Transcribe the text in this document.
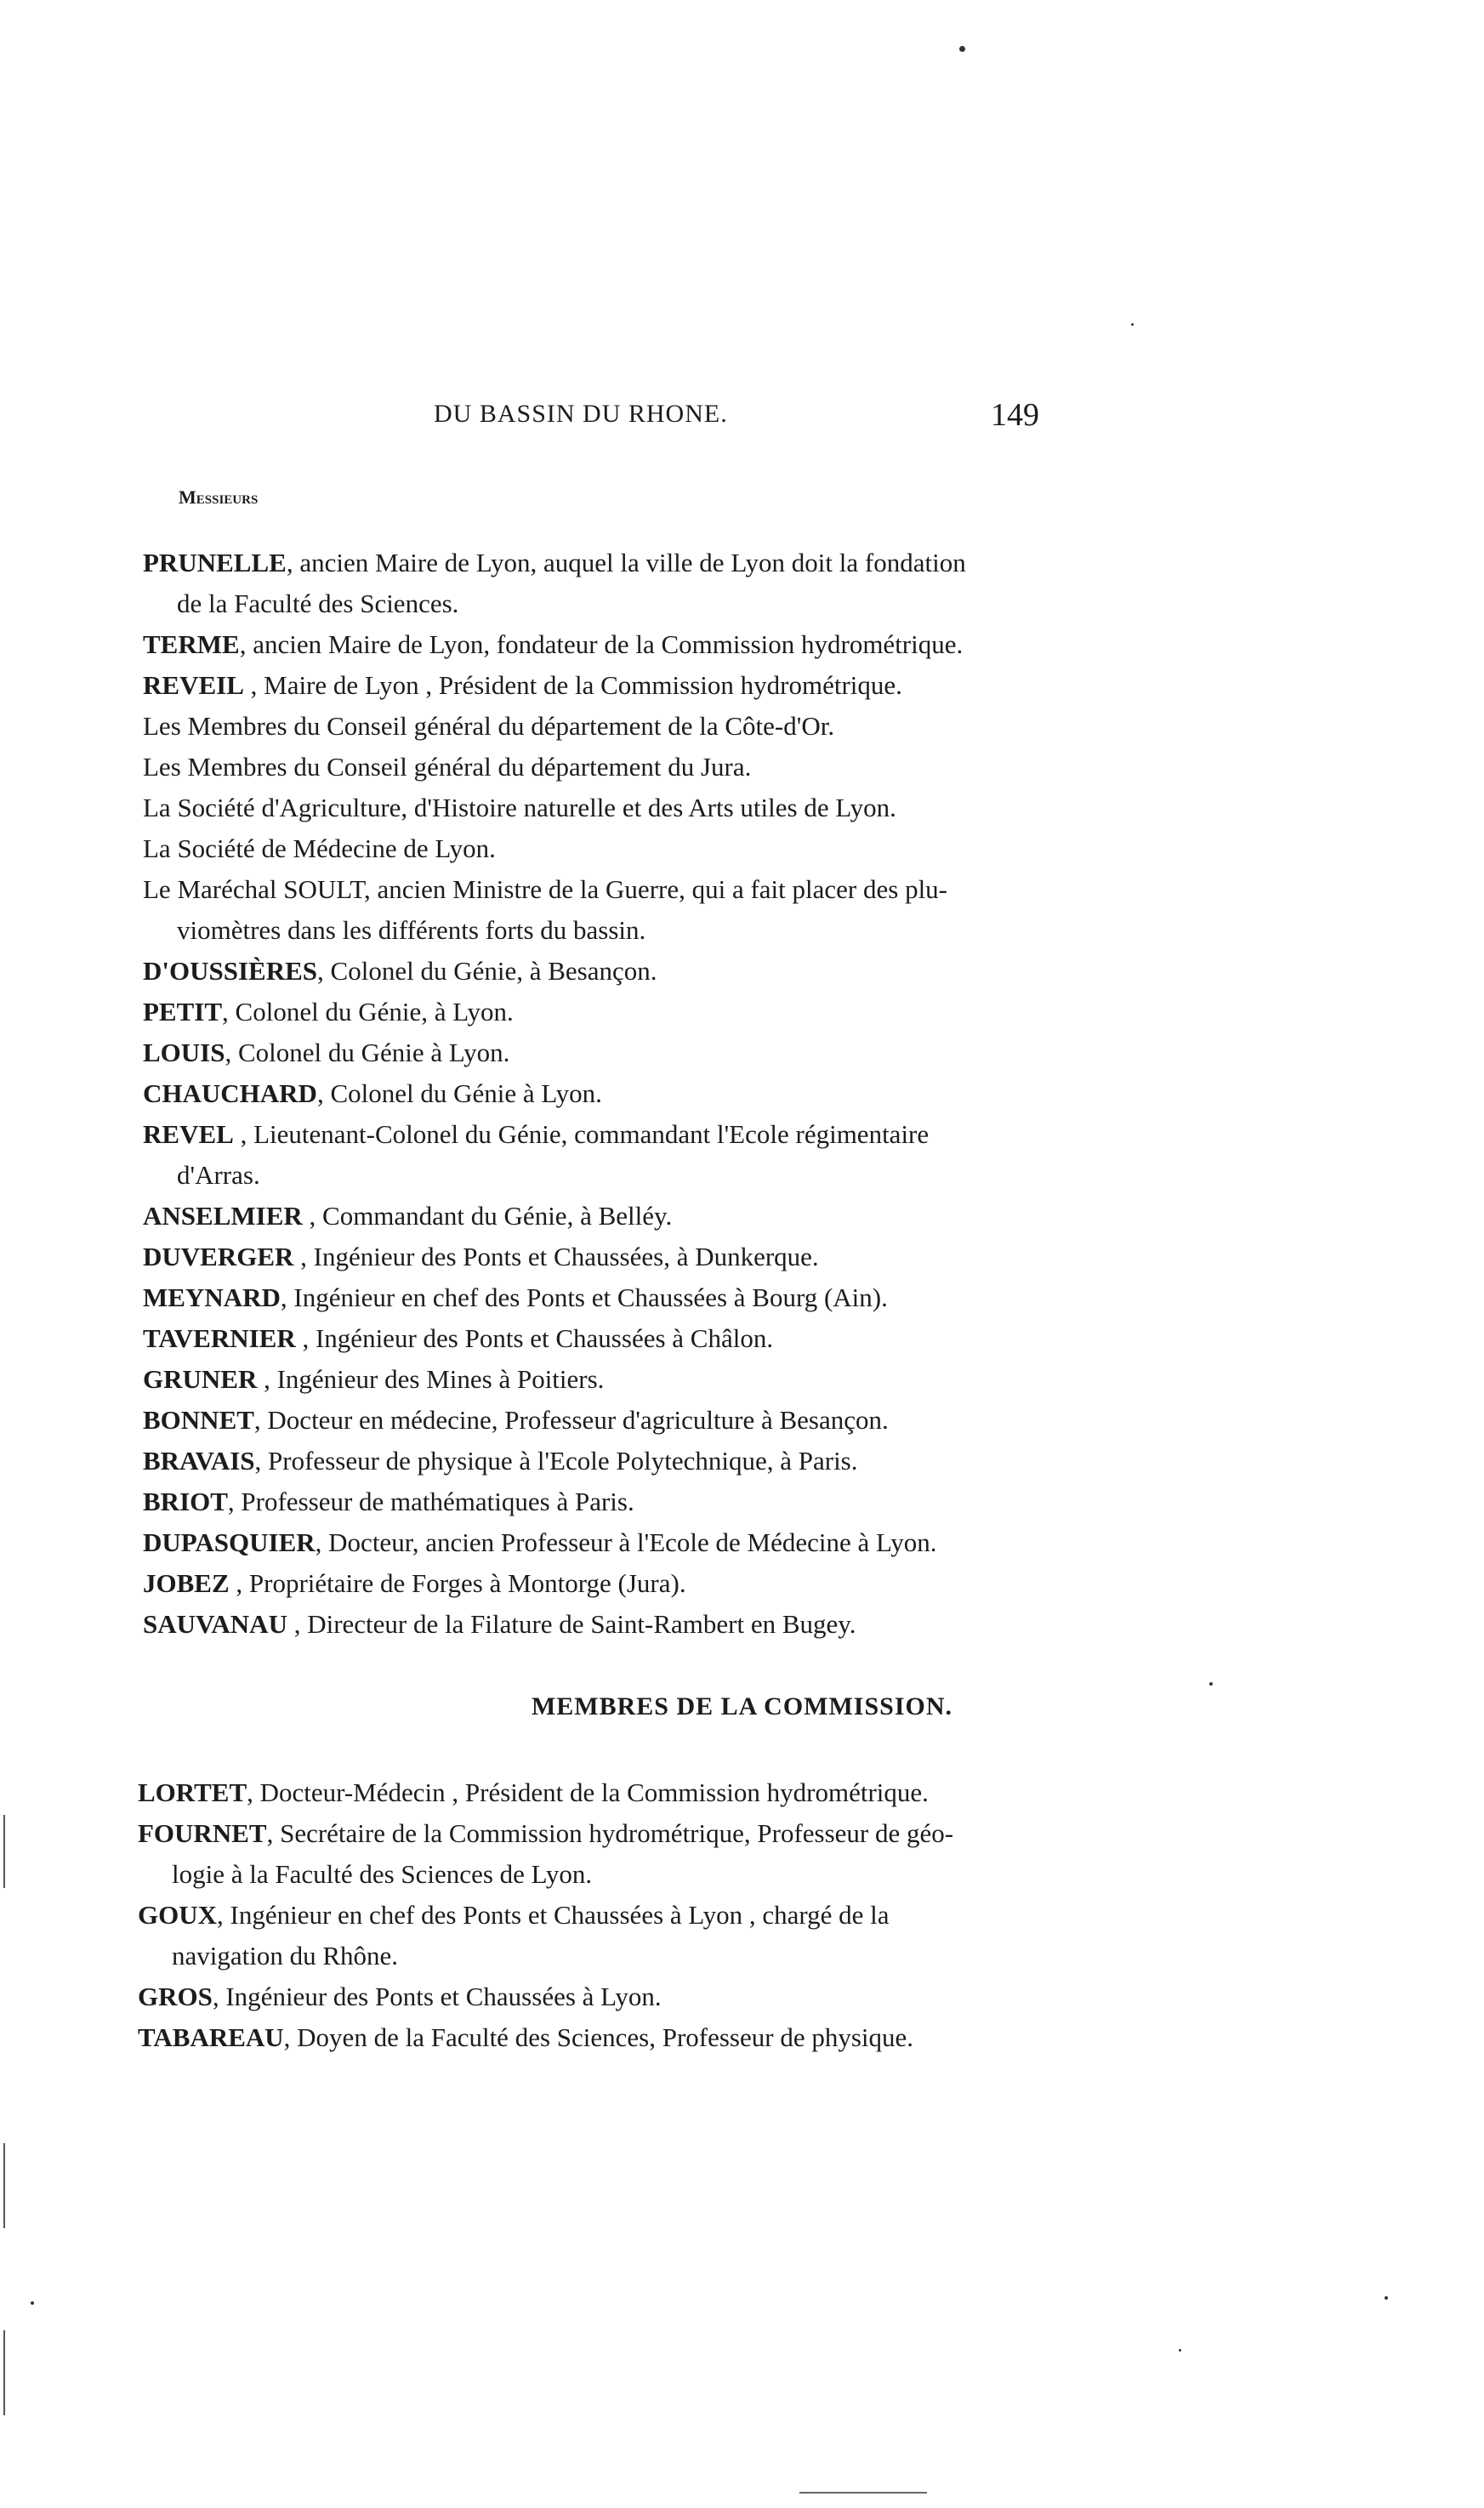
DU BASSIN DU RHONE.	149
Messieurs
PRUNELLE, ancien Maire de Lyon, auquel la ville de Lyon doit la fondation
de la Faculté des Sciences.
TERME, ancien Maire de Lyon, fondateur de la Commission hydrométrique.
REVEIL , Maire de Lyon , Président de la Commission hydrométrique.
Les Membres du Conseil général du département de la Côte-d'Or.
Les Membres du Conseil général du département du Jura.
La Société d'Agriculture, d'Histoire naturelle et des Arts utiles de Lyon.
La Société de Médecine de Lyon.
Le Maréchal SOULT, ancien Ministre de la Guerre, qui a fait placer des plu-
viomètres dans les différents forts du bassin.
D'OUSSIÈRES, Colonel du Génie, à Besançon.
PETIT, Colonel du Génie, à Lyon.
LOUIS, Colonel du Génie à Lyon.
CHAUCHARD, Colonel du Génie à Lyon.
REVEL , Lieutenant-Colonel du Génie, commandant l'Ecole régimentaire
d'Arras.
ANSELMIER , Commandant du Génie, à Belléy.
DUVERGER , Ingénieur des Ponts et Chaussées, à Dunkerque.
MEYNARD, Ingénieur en chef des Ponts et Chaussées à Bourg (Ain).
TAVERNIER , Ingénieur des Ponts et Chaussées à Châlon.
GRUNER , Ingénieur des Mines à Poitiers.
BONNET, Docteur en médecine, Professeur d'agriculture à Besançon.
BRAVAIS, Professeur de physique à l'Ecole Polytechnique, à Paris.
BRIOT, Professeur de mathématiques à Paris.
DUPASQUIER, Docteur, ancien Professeur à l'Ecole de Médecine à Lyon.
JOBEZ , Propriétaire de Forges à Montorge (Jura).
SAUVANAU , Directeur de la Filature de Saint-Rambert en Bugey.
MEMBRES DE LA COMMISSION.
LORTET, Docteur-Médecin , Président de la Commission hydrométrique.
FOURNET, Secrétaire de la Commission hydrométrique, Professeur de géo-
logie à la Faculté des Sciences de Lyon.
GOUX, Ingénieur en chef des Ponts et Chaussées à Lyon , chargé de la
navigation du Rhône.
GROS, Ingénieur des Ponts et Chaussées à Lyon.
TABAREAU, Doyen de la Faculté des Sciences, Professeur de physique.
